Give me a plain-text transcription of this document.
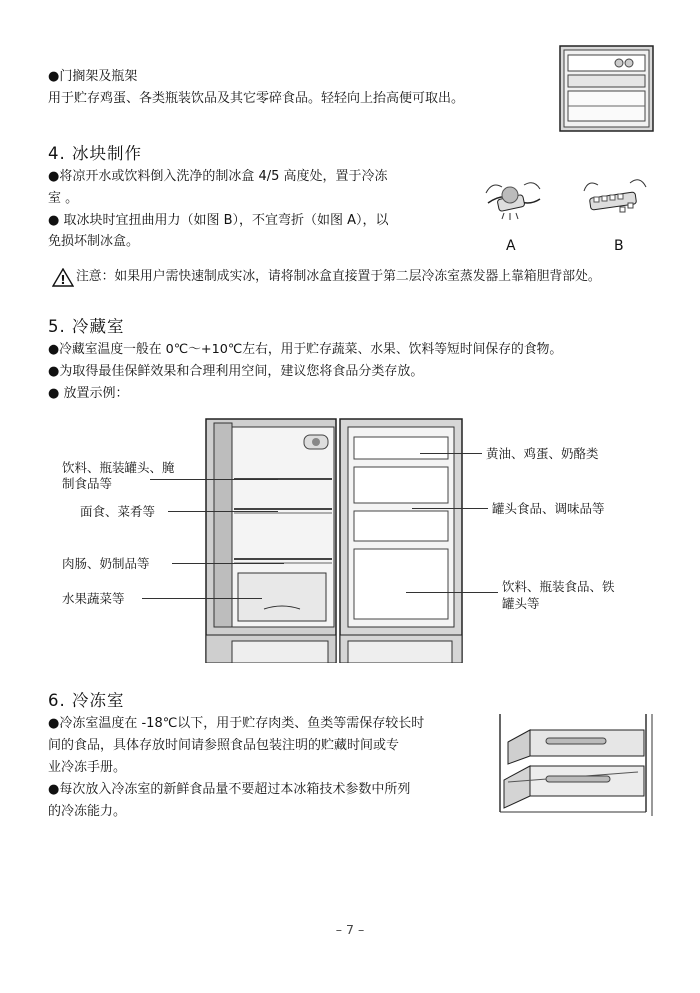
●门搁架及瓶架
用于贮存鸡蛋、各类瓶装饮品及其它零碎食品。轻轻向上抬高便可取出。
4. 冰块制作
●将凉开水或饮料倒入洗净的制冰盒 4/5 高度处，置于冷冻
室 。
● 取冰块时宜扭曲用力（如图 B），不宜弯折（如图 A），以
免损坏制冰盒。	A	B
! 注意：如果用户需快速制成实冰，请将制冰盒直接置于第二层冷冻室蒸发器上靠箱胆背部处。
5. 冷藏室
●冷藏室温度一般在 0℃～+10℃左右，用于贮存蔬菜、水果、饮料等短时间保存的食物。
●为取得最佳保鲜效果和合理利用空间，建议您将食品分类存放。
● 放置示例：
饮料、瓶装罐头、腌
制食品等
面食、菜肴等
肉肠、奶制品等
水果蔬菜等
黄油、鸡蛋、奶酪类
罐头食品、调味品等
饮料、瓶装食品、铁
罐头等
6. 冷冻室
●冷冻室温度在 -18℃以下，用于贮存肉类、鱼类等需保存较长时
间的食品，具体存放时间请参照食品包装注明的贮藏时间或专
业冷冻手册。
●每次放入冷冻室的新鲜食品量不要超过本冰箱技术参数中所列
的冷冻能力。
– 7 –
